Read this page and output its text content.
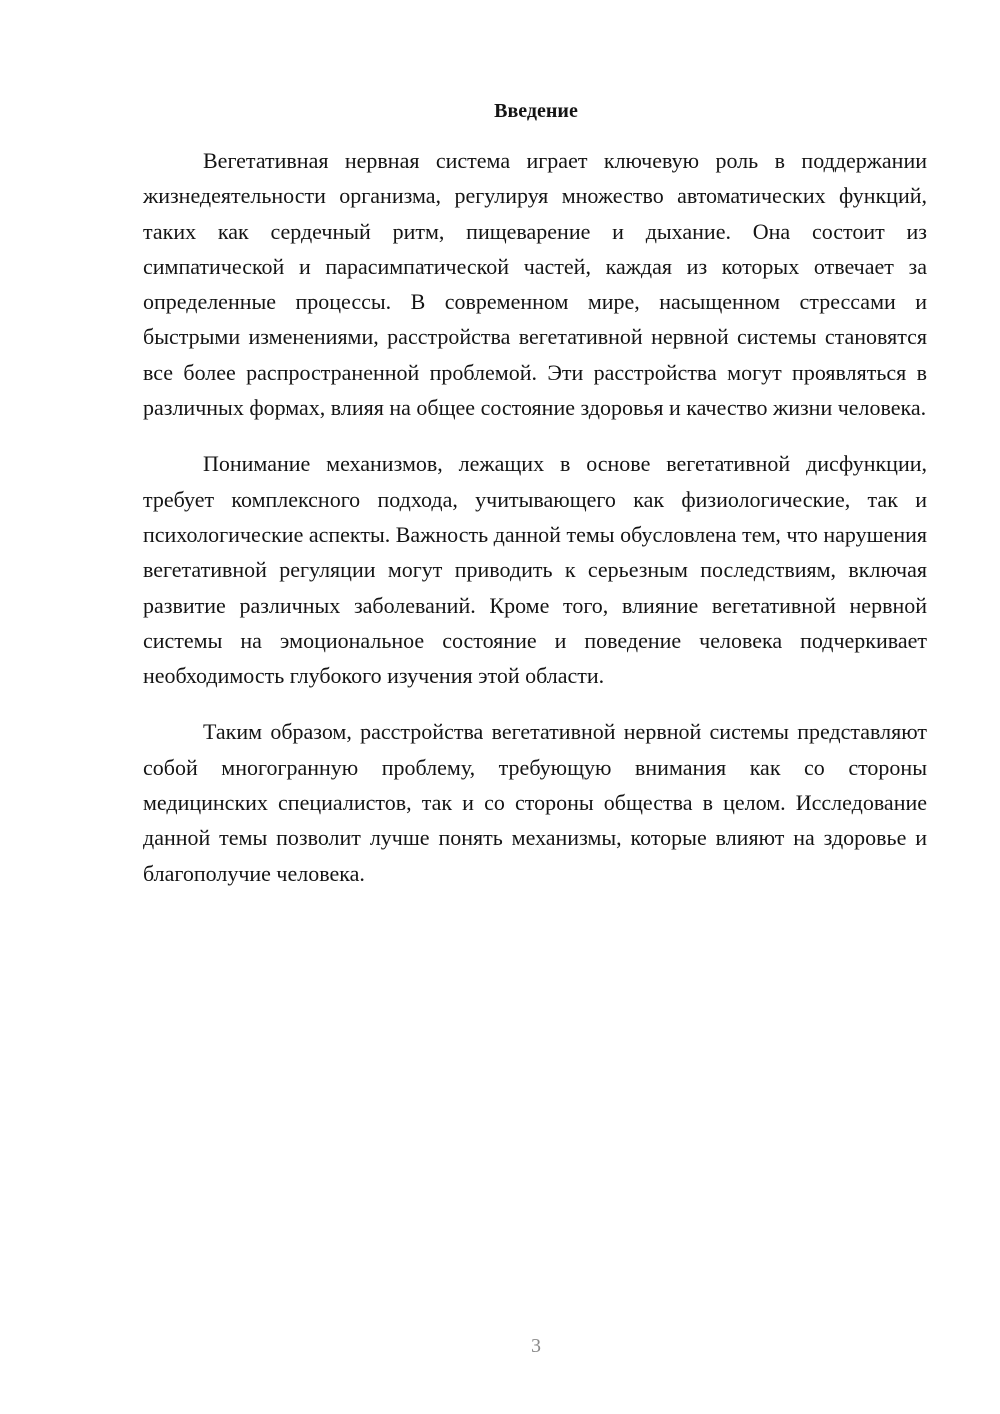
Введение

Вегетативная нервная система играет ключевую роль в поддержании жизнедеятельности организма, регулируя множество автоматических функций, таких как сердечный ритм, пищеварение и дыхание. Она состоит из симпатической и парасимпатической частей, каждая из которых отвечает за определенные процессы. В современном мире, насыщенном стрессами и быстрыми изменениями, расстройства вегетативной нервной системы становятся все более распространенной проблемой. Эти расстройства могут проявляться в различных формах, влияя на общее состояние здоровья и качество жизни человека.

Понимание механизмов, лежащих в основе вегетативной дисфункции, требует комплексного подхода, учитывающего как физиологические, так и психологические аспекты. Важность данной темы обусловлена тем, что нарушения вегетативной регуляции могут приводить к серьезным последствиям, включая развитие различных заболеваний. Кроме того, влияние вегетативной нервной системы на эмоциональное состояние и поведение человека подчеркивает необходимость глубокого изучения этой области.

Таким образом, расстройства вегетативной нервной системы представляют собой многогранную проблему, требующую внимания как со стороны медицинских специалистов, так и со стороны общества в целом. Исследование данной темы позволит лучше понять механизмы, которые влияют на здоровье и благополучие человека.

3
